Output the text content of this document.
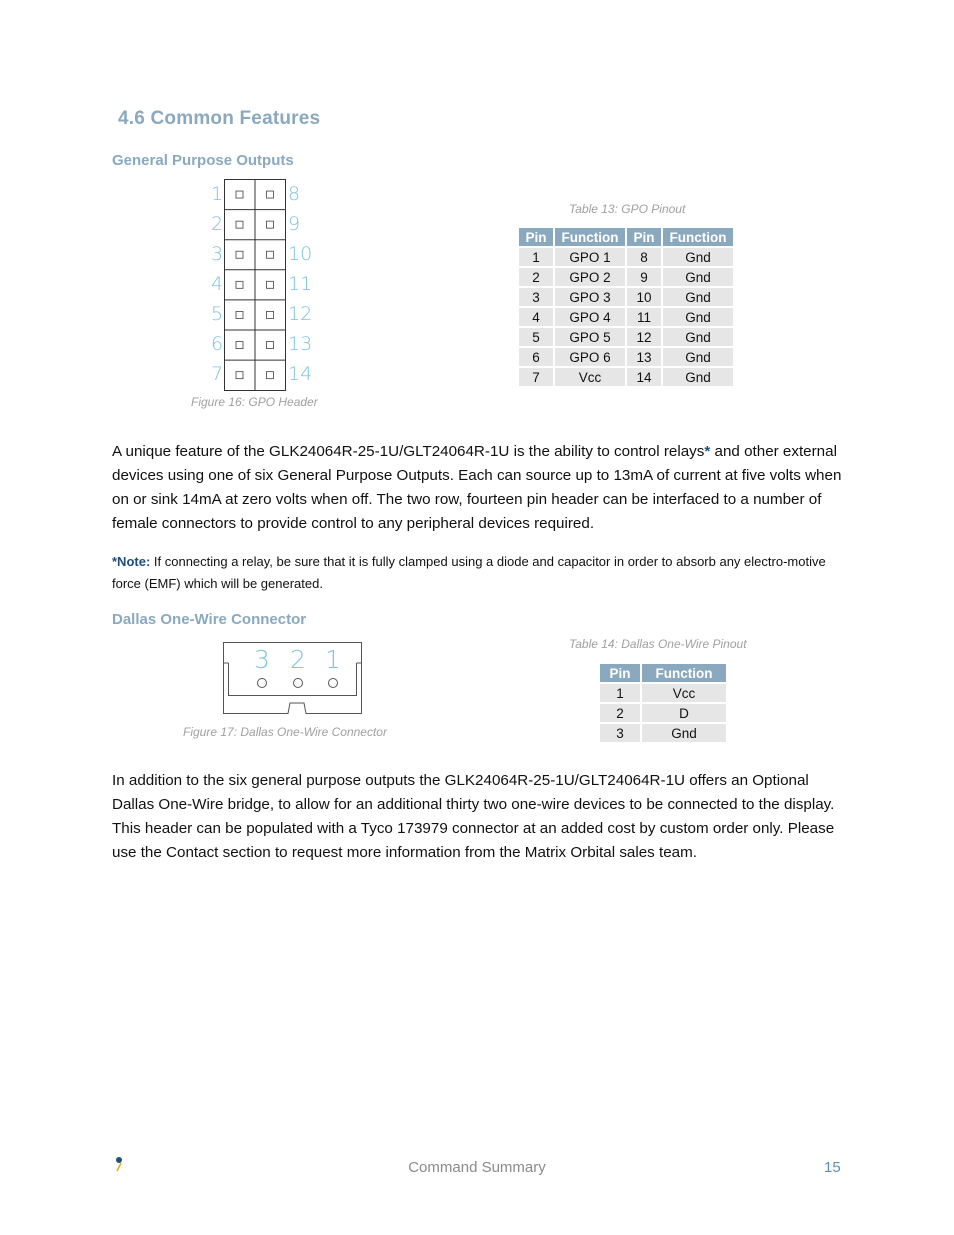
4.6 Common Features
General Purpose Outputs
1
2
3
4
5
6
7
8
9
10
11
12
13
14
Figure 16: GPO Header
Table 13: GPO Pinout
Pin	Function	Pin	Function
1	GPO 1	8	Gnd
2	GPO 2	9	Gnd
3	GPO 3	10	Gnd
4	GPO 4	11	Gnd
5	GPO 5	12	Gnd
6	GPO 6	13	Gnd
7	Vcc	14	Gnd
A unique feature of the GLK24064R-25-1U/GLT24064R-1U is the ability to control relays* and other external devices using one of six General Purpose Outputs. Each can source up to 13mA of current at five volts when on or sink 14mA at zero volts when off. The two row, fourteen pin header can be interfaced to a number of female connectors to provide control to any peripheral devices required.
*Note: If connecting a relay, be sure that it is fully clamped using a diode and capacitor in order to absorb any electro-motive force (EMF) which will be generated.
Dallas One-Wire Connector
3 2 1
Figure 17: Dallas One-Wire Connector
Table 14: Dallas One-Wire Pinout
Pin	Function
1	Vcc
2	D
3	Gnd
In addition to the six general purpose outputs the GLK24064R-25-1U/GLT24064R-1U offers an Optional Dallas One-Wire bridge, to allow for an additional thirty two one-wire devices to be connected to the display. This header can be populated with a Tyco 173979 connector at an added cost by custom order only. Please use the Contact section to request more information from the Matrix Orbital sales team.
Command Summary	15
